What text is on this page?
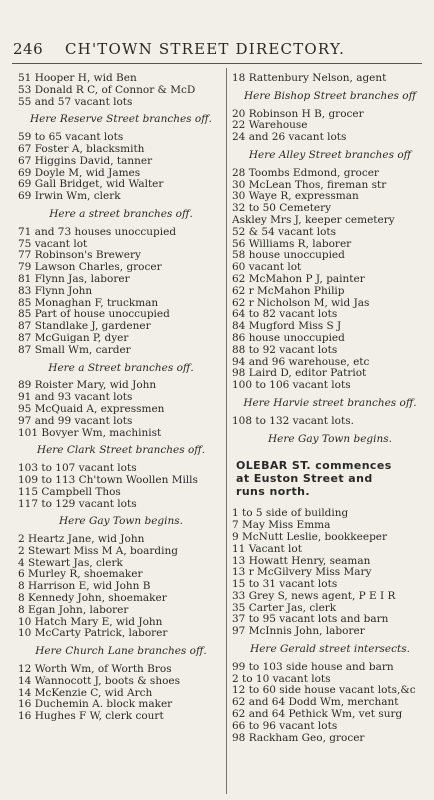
246 CH'TOWN STREET DIRECTORY.
51 Hooper H, wid Ben
53 Donald R C, of Connor & McD
55 and 57 vacant lots
Here Reserve Street branches off.
59 to 65 vacant lots
67 Foster A, blacksmith
67 Higgins David, tanner
69 Doyle M, wid James
69 Gall Bridget, wid Walter
69 Irwin Wm, clerk
Here a street branches off.
71 and 73 houses unoccupied
75 vacant lot
77 Robinson's Brewery
79 Lawson Charles, grocer
81 Flynn Jas, laborer
83 Flynn John
85 Monaghan F, truckman
85 Part of house unoccupied
87 Standlake J, gardener
87 McGuigan P, dyer
87 Small Wm, carder
Here a Street branches off.
89 Roister Mary, wid John
91 and 93 vacant lots
95 McQuaid A, expressmen
97 and 99 vacant lots
101 Bovyer Wm, machinist
Here Clark Street branches off.
103 to 107 vacant lots
109 to 113 Ch'town Woollen Mills
115 Campbell Thos
117 to 129 vacant lots
Here Gay Town begins.
2 Heartz Jane, wid John
2 Stewart Miss M A, boarding
4 Stewart Jas, clerk
6 Murley R, shoemaker
8 Harrison E, wid John B
8 Kennedy John, shoemaker
8 Egan John, laborer
10 Hatch Mary E, wid John
10 McCarty Patrick, laborer
Here Church Lane branches off.
12 Worth Wm, of Worth Bros
14 Wannocott J, boots & shoes
14 McKenzie C, wid Arch
16 Duchemin A. block maker
16 Hughes F W, clerk court
18 Rattenbury Nelson, agent
Here Bishop Street branches off
20 Robinson H B, grocer
22 Warehouse
24 and 26 vacant lots
Here Alley Street branches off
28 Toombs Edmond, grocer
30 McLean Thos, fireman str
30 Waye R, expressman
32 to 50 Cemetery
Askley Mrs J, keeper cemetery
52 & 54 vacant lots
56 Williams R, laborer
58 house unoccupied
60 vacant lot
62 McMahon P J, painter
62 r McMahon Philip
62 r Nicholson M, wid Jas
64 to 82 vacant lots
84 Mugford Miss S J
86 house unoccupied
88 to 92 vacant lots
94 and 96 warehouse, etc
98 Laird D, editor Patriot
100 to 106 vacant lots
Here Harvie street branches off.
108 to 132 vacant lots.
Here Gay Town begins.
OLEBAR ST. commences
at Euston Street and
runs north.
1 to 5 side of building
7 May Miss Emma
9 McNutt Leslie, bookkeeper
11 Vacant lot
13 Howatt Henry, seaman
13 r McGilvery Miss Mary
15 to 31 vacant lots
33 Grey S, news agent, P E I R
35 Carter Jas, clerk
37 to 95 vacant lots and barn
97 McInnis John, laborer
Here Gerald street intersects.
99 to 103 side house and barn
2 to 10 vacant lots
12 to 60 side house vacant lots,&c
62 and 64 Dodd Wm, merchant
62 and 64 Pethick Wm, vet surg
66 to 96 vacant lots
98 Rackham Geo, grocer
